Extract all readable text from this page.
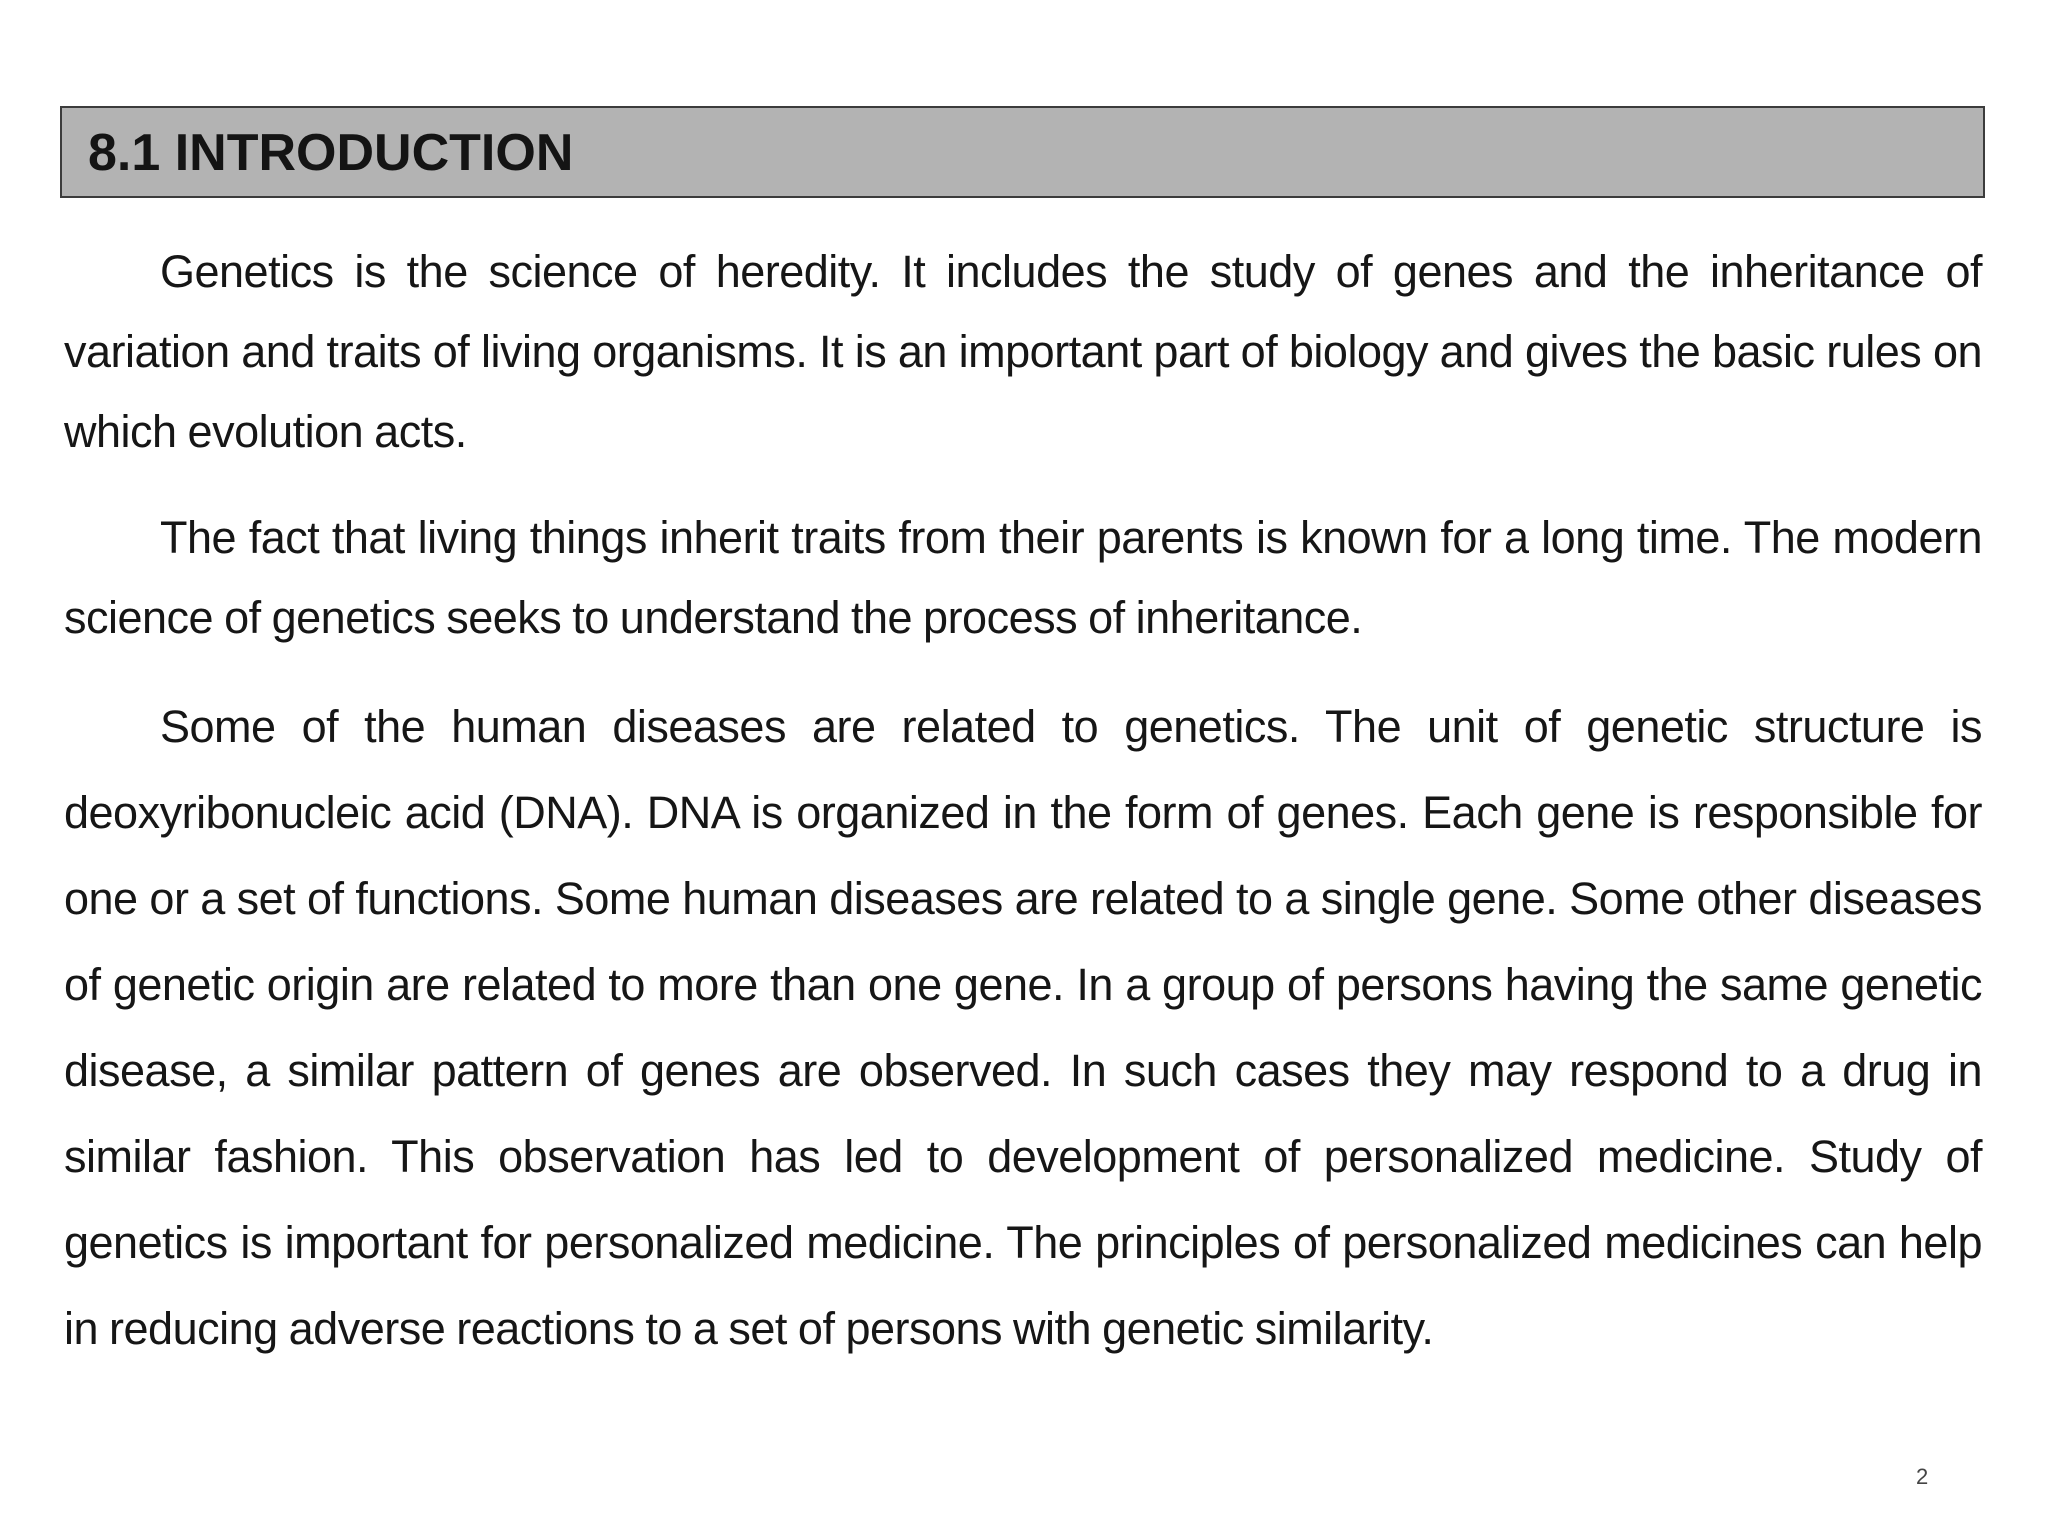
8.1 INTRODUCTION

Genetics is the science of heredity. It includes the study of genes and the inheritance of variation and traits of living organisms. It is an important part of biology and gives the basic rules on which evolution acts.

The fact that living things inherit traits from their parents is known for a long time. The modern science of genetics seeks to understand the process of inheritance.

Some of the human diseases are related to genetics. The unit of genetic structure is deoxyribonucleic acid (DNA). DNA is organized in the form of genes. Each gene is responsible for one or a set of functions. Some human diseases are related to a single gene. Some other diseases of genetic origin are related to more than one gene. In a group of persons having the same genetic disease, a similar pattern of genes are observed. In such cases they may respond to a drug in similar fashion. This observation has led to development of personalized medicine. Study of genetics is important for personalized medicine. The principles of personalized medicines can help in reducing adverse reactions to a set of persons with genetic similarity.

2
